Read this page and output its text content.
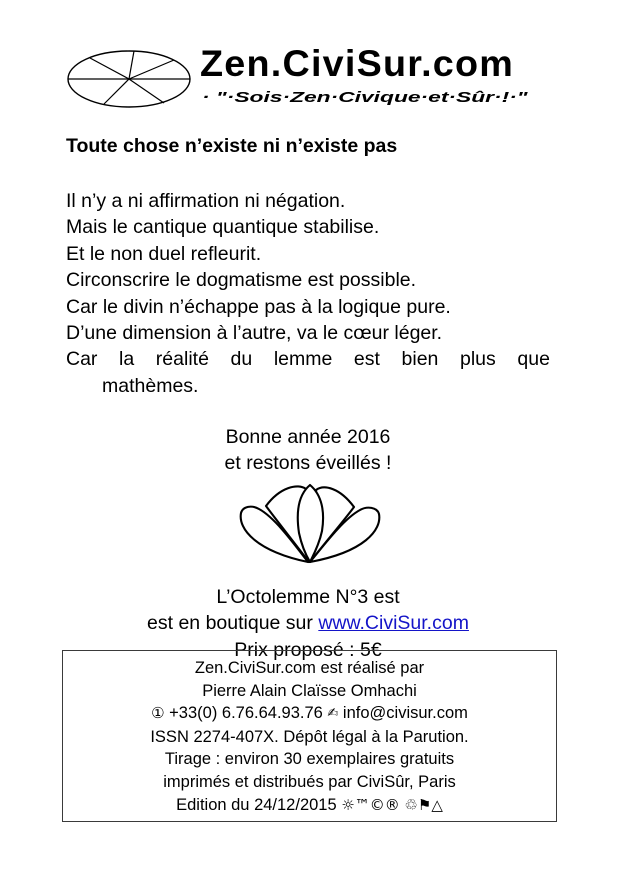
Zen.CiviSur.com
· "·Sois·Zen·Civique·et·Sûr·!·"
Toute chose n’existe ni n’existe pas
Il n’y a ni affirmation ni négation.
Mais le cantique quantique stabilise.
Et le non duel refleurit.
Circonscrire le dogmatisme est possible.
Car le divin n’échappe pas à la logique pure.
D’une dimension à l’autre, va le cœur léger.
Car la réalité du lemme est bien plus que
mathèmes.
Bonne année 2016
et restons éveillés !
L’Octolemme N°3 est
est en boutique sur www.CiviSur.com
Prix proposé : 5€
Zen.CiviSur.com est réalisé par
Pierre Alain Claïsse Omhachi
① +33(0) 6.76.64.93.76 ✍ info@civisur.com
ISSN 2274-407X. Dépôt légal à la Parution.
Tirage : environ 30 exemplaires gratuits
imprimés et distribués par CiviSûr, Paris
Edition du 24/12/2015 ☼™©® ♲⚑△
